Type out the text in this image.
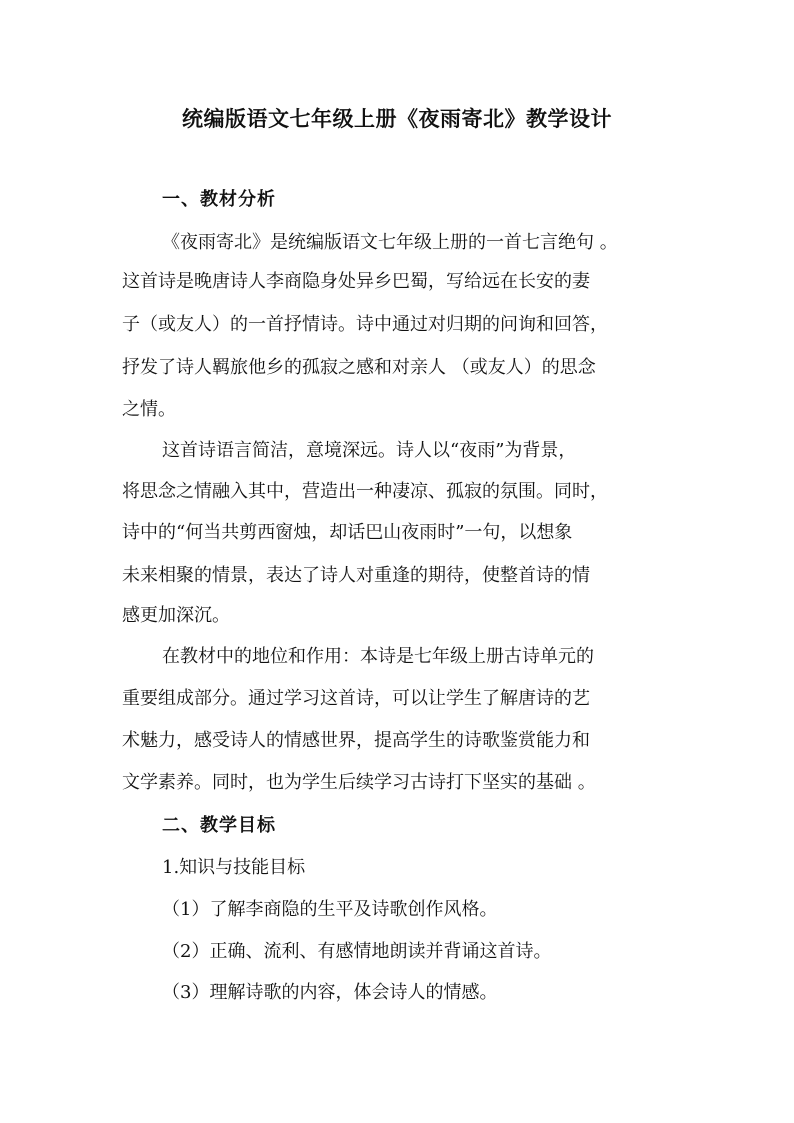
统编版语文七年级上册《夜雨寄北》教学设计
一、教材分析
《夜雨寄北》是统编版语文七年级上册的一首七言绝句 。
这首诗是晚唐诗人李商隐身处异乡巴蜀，写给远在长安的妻
子（或友人）的一首抒情诗。诗中通过对归期的问询和回答，
抒发了诗人羁旅他乡的孤寂之感和对亲人 （或友人）的思念
之情。
这首诗语言简洁，意境深远。诗人以“夜雨”为背景，
将思念之情融入其中，营造出一种凄凉、孤寂的氛围。同时，
诗中的“何当共剪西窗烛，却话巴山夜雨时”一句，以想象
未来相聚的情景，表达了诗人对重逢的期待，使整首诗的情
感更加深沉。
在教材中的地位和作用：本诗是七年级上册古诗单元的
重要组成部分。通过学习这首诗，可以让学生了解唐诗的艺
术魅力，感受诗人的情感世界，提高学生的诗歌鉴赏能力和
文学素养。同时，也为学生后续学习古诗打下坚实的基础 。
二、教学目标
1.知识与技能目标
（1）了解李商隐的生平及诗歌创作风格。
（2）正确、流利、有感情地朗读并背诵这首诗。
（3）理解诗歌的内容，体会诗人的情感。
